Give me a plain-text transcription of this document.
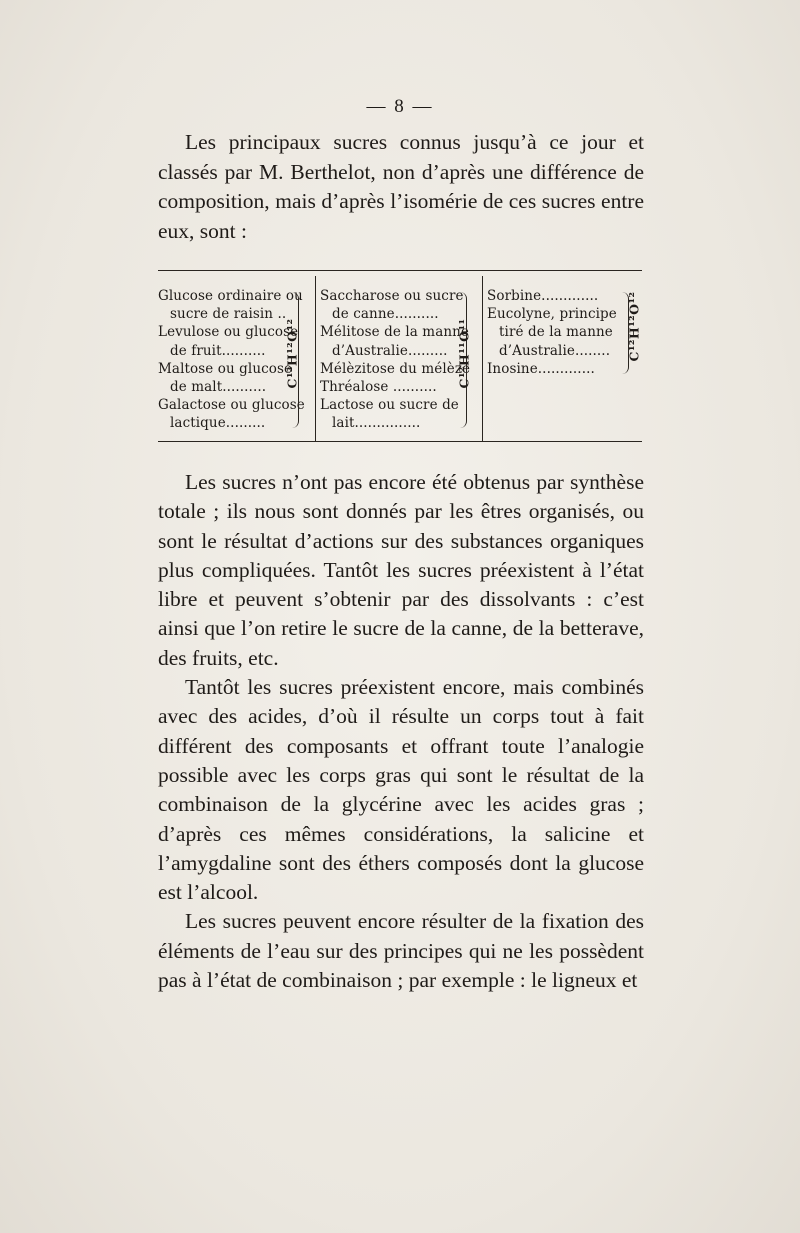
— 8 —

Les principaux sucres connus jusqu’à ce jour et classés par M. Berthelot, non d’après une différence de composition, mais d’après l’isomérie de ces sucres entre eux, sont :

Glucose ordinaire ou
sucre de raisin ..
Levulose ou glucose
de fruit..........
Maltose ou glucose
de malt..........
Galactose ou glucose
lactique.........
C¹²H¹²O¹²
Saccharose ou sucre
de canne..........
Mélitose de la manne
d’Australie.........
Mélèzitose du mélèze
Thréalose ..........
Lactose ou sucre de
lait...............
C¹²H¹¹O¹¹
Sorbine.............
Eucolyne, principe
tiré de la manne
d’Australie........
Inosine.............
C¹²H¹²O¹²

Les sucres n’ont pas encore été obtenus par synthèse totale ; ils nous sont donnés par les êtres organisés, ou sont le résultat d’actions sur des substances organiques plus compliquées. Tantôt les sucres préexistent à l’état libre et peuvent s’obtenir par des dissolvants : c’est ainsi que l’on retire le sucre de la canne, de la betterave, des fruits, etc.

Tantôt les sucres préexistent encore, mais combinés avec des acides, d’où il résulte un corps tout à fait différent des composants et offrant toute l’analogie possible avec les corps gras qui sont le résultat de la combinaison de la glycérine avec les acides gras ; d’après ces mêmes considérations, la salicine et l’amygdaline sont des éthers composés dont la glucose est l’alcool.

Les sucres peuvent encore résulter de la fixation des éléments de l’eau sur des principes qui ne les possèdent pas à l’état de combinaison ; par exemple : le ligneux et
